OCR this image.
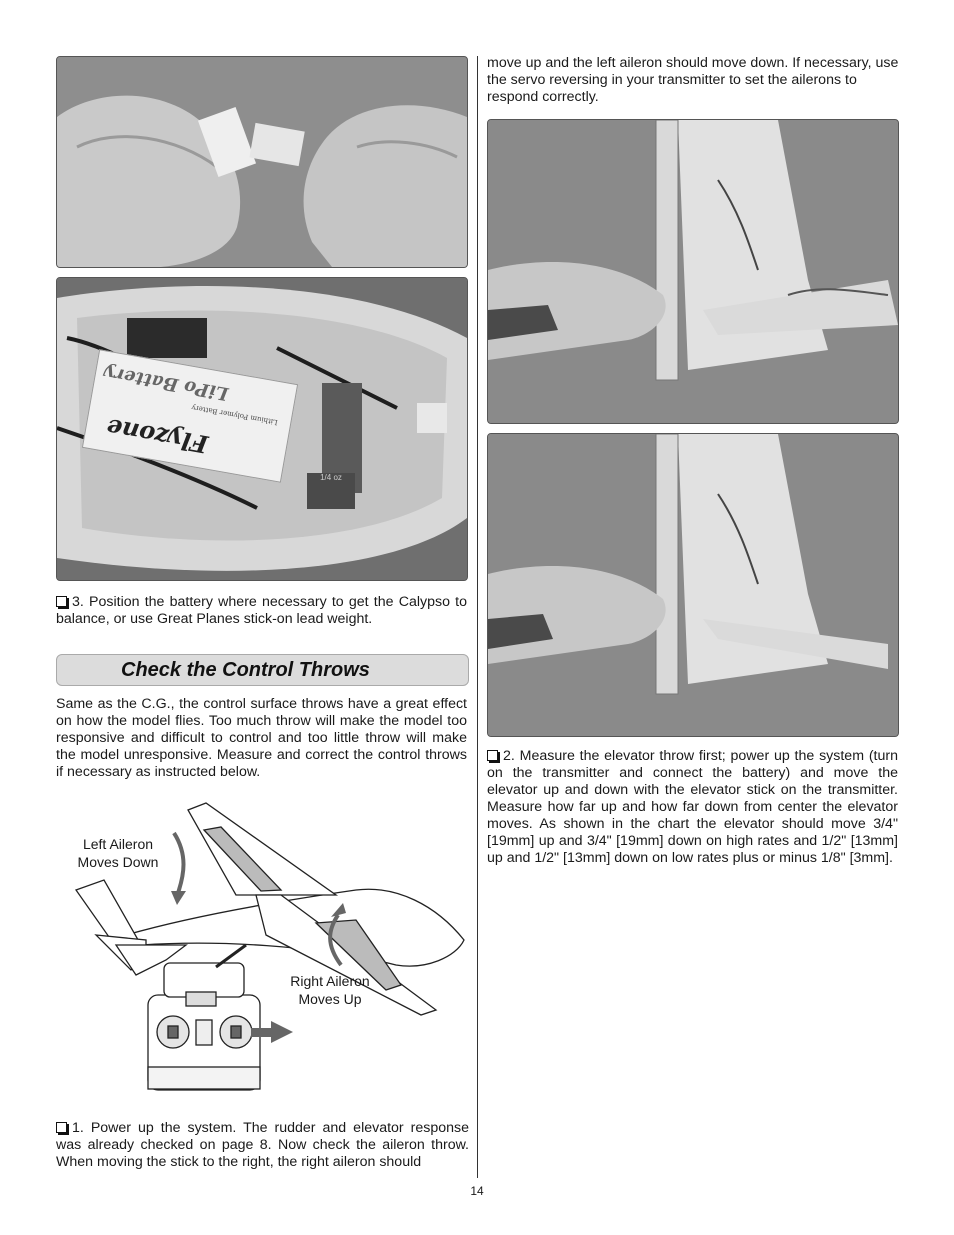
LiPo Battery
Lithium Polymer Battery
Flyzone
1/4 oz

3. Position the battery where necessary to get the Calypso to balance, or use Great Planes stick-on lead weight.

Check the Control Throws

Same as the C.G., the control surface throws have a great effect on how the model flies. Too much throw will make the model too responsive and difficult to control and too little throw will make the model unresponsive. Measure and correct the control throws if necessary as instructed below.

Left Aileron
Moves Down
Right Aileron
Moves Up

1. Power up the system. The rudder and elevator response was already checked on page 8. Now check the aileron throw. When moving the stick to the right, the right aileron should

move up and the left aileron should move down. If necessary, use the servo reversing in your transmitter to set the ailerons to respond correctly.

2. Measure the elevator throw first; power up the system (turn on the transmitter and connect the battery) and move the elevator up and down with the elevator stick on the transmitter. Measure how far up and how far down from center the elevator moves. As shown in the chart the elevator should move 3/4" [19mm] up and 3/4" [19mm] down on high rates and 1/2" [13mm] up and 1/2" [13mm] down on low rates plus or minus 1/8" [3mm].

14
